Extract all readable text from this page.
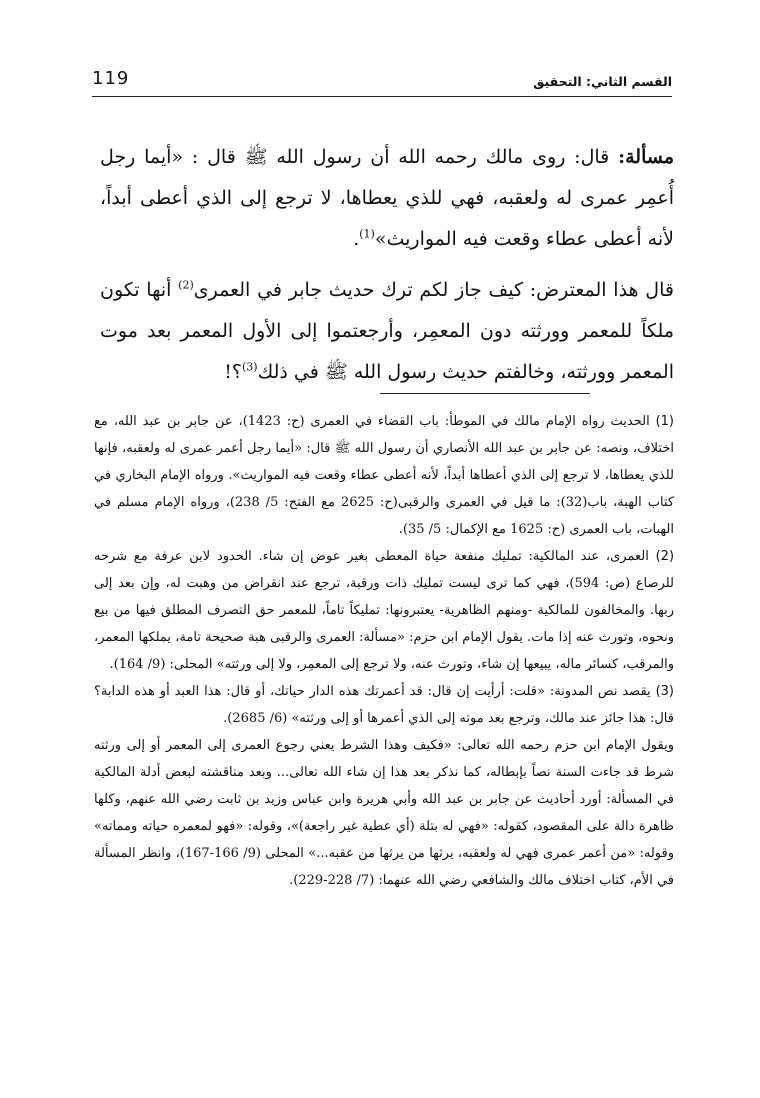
119	القسم الثاني: التحقيق

مسألة: قال: روى مالك رحمه الله أن رسول الله ﷺ قال : «أيما رجل أُعمِر عمرى له ولعقبه، فهي للذي يعطاها، لا ترجع إلى الذي أعطى أبداً، لأنه أعطى عطاء وقعت فيه المواريث»$^{(1)}$.

قال هذا المعترض: كيف جاز لكم ترك حديث جابر في العمرى$^{(2)}$ أنها تكون ملكاً للمعمر وورثته دون المعمِر، وأرجعتموا إلى الأول المعمر بعد موت المعمر وورثته، وخالفتم حديث رسول الله ﷺ في ذلك$^{(3)}$؟!

(1) الحديث رواه الإمام مالك في الموطأ: باب القضاء في العمرى (ح: 1423)، عن جابر بن عبد الله، مع اختلاف، ونصه: عن جابر بن عبد الله الأنصاري أن رسول الله ﷺ قال: «أيما رجل أعمر عمرى له ولعقبه، فإنها للذي يعطاها، لا ترجع إلى الذي أعطاها أبداً، لأنه أعطى عطاء وقعت فيه المواريث». ورواه الإمام البخاري في كتاب الهبة، باب(32): ما قيل في العمرى والرقبى(ح: 2625 مع الفتح: 5/ 238)، ورواه الإمام مسلم في الهبات، باب العمرى (ح: 1625 مع الإكمال: 5/ 35).

(2) العمرى، عند المالكية: تمليك منفعة حياة المعطى بغير عوض إن شاء. الحدود لابن عرفة مع شرحه للرصاع (ص: 594)، فهي كما ترى ليست تمليك ذات ورقبة، ترجع عند انقراض من وهبت له، وإن بعد إلى ربها. والمخالفون للمالكية -ومنهم الظاهرية- يعتبرونها: تمليكاً تاماً، للمعمر حق التصرف المطلق فيها من بيع ونحوه، وتورث عنه إذا مات. يقول الإمام ابن حزم: «مسألة: العمرى والرقبى هبة صحيحة تامة، يملكها المعمر، والمرقب، كسائر ماله، يبيعها إن شاء، وتورث عنه، ولا ترجع إلى المعمِر، ولا إلى ورثته» المحلى: (9/ 164).

(3) يقصد نص المدونة: «قلت: أرأيت إن قال: قد أعمرتك هذه الدار حياتك، أو قال: هذا العبد أو هذه الدابة؟ قال: هذا جائز عند مالك، وترجع بعد موته إلى الذي أعمرها أو إلى ورثته» (6/ 2685).

ويقول الإمام ابن حزم رحمه الله تعالى: «فكيف وهذا الشرط يعني رجوع العمرى إلى المعمر أو إلى ورثته شرط قد جاءت السنة نصاً بإبطاله، كما نذكر بعد هذا إن شاء الله تعالى... وبعد مناقشته لبعض أدلة المالكية في المسألة: أورد أحاديث عن جابر بن عبد الله وأبي هريرة وابن عباس وزيد بن ثابت رضي الله عنهم، وكلها ظاهرة دالة على المقصود، كقوله: «فهي له بتلة (أي عطية غير راجعة)»، وقوله: «فهو لمعمره حياته ومماته» وقوله: «من أعمر عمرى فهي له ولعقبه، يرثها من يرثها من عقبه...» المحلى (9/ 166-167)، وانظر المسألة في الأم، كتاب اختلاف مالك والشافعي رضي الله عنهما: (7/ 228-229).
